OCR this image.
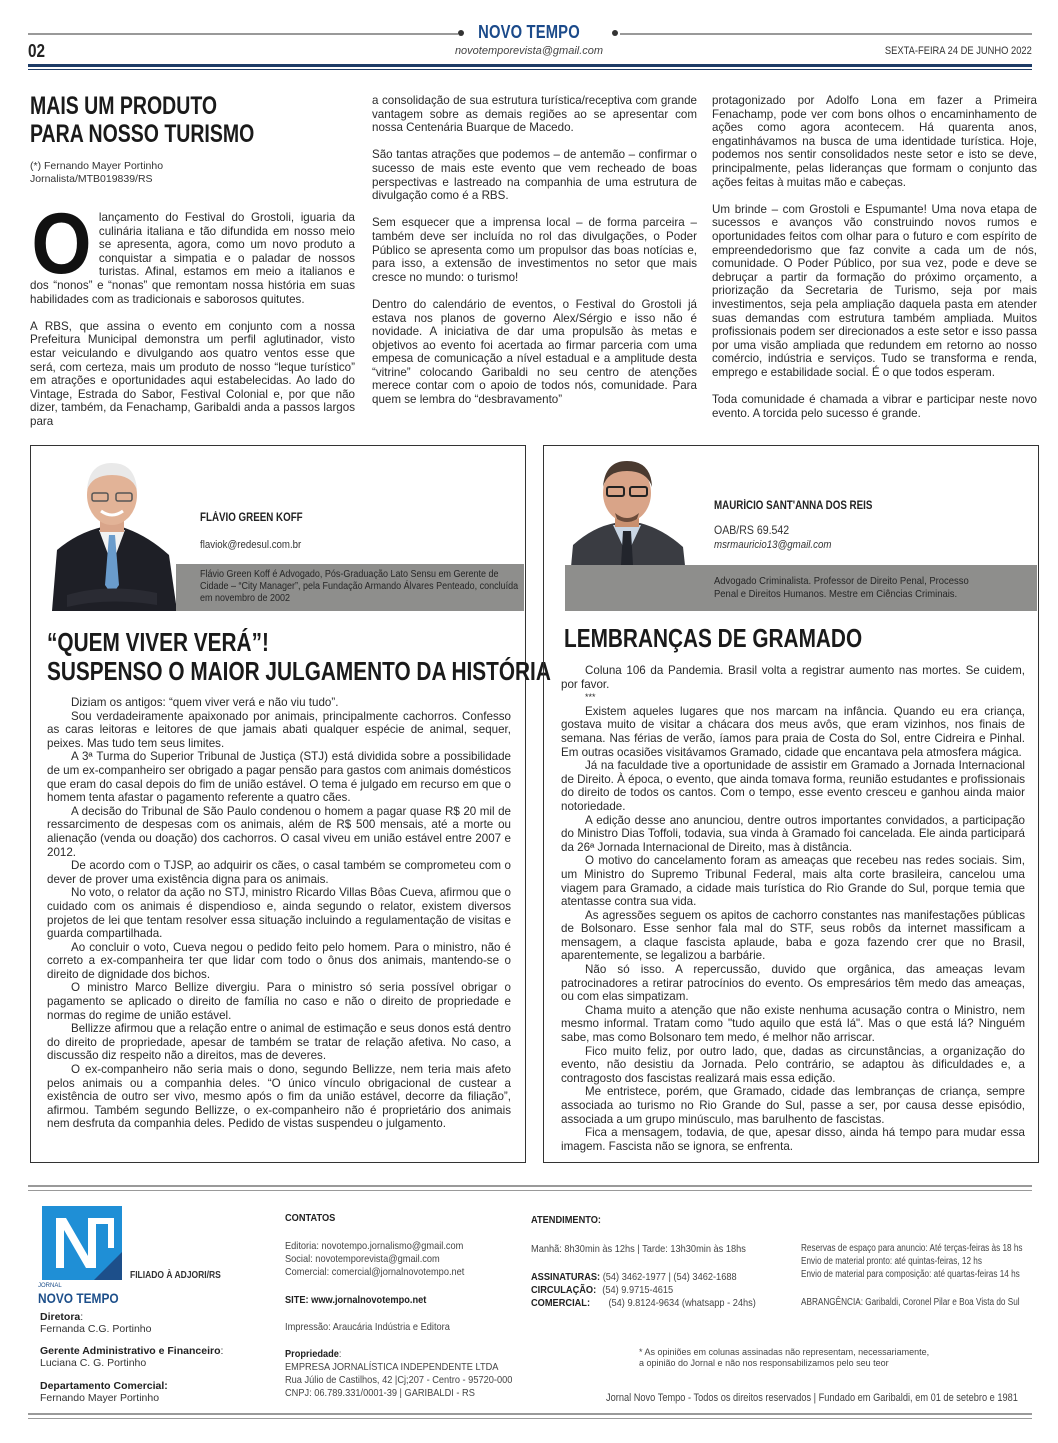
NOVO TEMPO
novotemporevista@gmail.com
02	SEXTA-FEIRA 24 DE JUNHO 2022
MAIS UM PRODUTO
PARA NOSSO TURISMO
(*) Fernando Mayer Portinho
Jornalista/MTB019839/RS

Olançamento do Festival do Grostoli, iguaria da culinária italiana e tão difundida em nosso meio se apresenta, agora, como um novo produto a conquistar a simpatia e o paladar de nossos turistas. Afinal, estamos em meio a italianos e dos “nonos” e “nonas” que remontam nossa história em suas habilidades com as tradicionais e saborosos quitutes.

A RBS, que assina o evento em conjunto com a nossa Prefeitura Municipal demonstra um perfil aglutinador, visto estar veiculando e divulgando aos quatro ventos esse que será, com certeza, mais um produto de nosso “leque turístico” em atrações e oportunidades aqui estabelecidas. Ao lado do Vintage, Estrada do Sabor, Festival Colonial e, por que não dizer, também, da Fenachamp, Garibaldi anda a passos largos para

a consolidação de sua estrutura turística/receptiva com grande vantagem sobre as demais regiões ao se apresentar com nossa Centenária Buarque de Macedo.

São tantas atrações que podemos – de antemão – confirmar o sucesso de mais este evento que vem recheado de boas perspectivas e lastreado na companhia de uma estrutura de divulgação como é a RBS.

Sem esquecer que a imprensa local – de forma parceira – também deve ser incluída no rol das divulgações, o Poder Público se apresenta como um propulsor das boas notícias e, para isso, a extensão de investimentos no setor que mais cresce no mundo: o turismo!

Dentro do calendário de eventos, o Festival do Grostoli já estava nos planos de governo Alex/Sérgio e isso não é novidade. A iniciativa de dar uma propulsão às metas e objetivos ao evento foi acertada ao firmar parceria com uma empesa de comunicação a nível estadual e a amplitude desta “vitrine” colocando Garibaldi no seu centro de atenções merece contar com o apoio de todos nós, comunidade. Para quem se lembra do “desbravamento”

protagonizado por Adolfo Lona em fazer a Primeira Fenachamp, pode ver com bons olhos o encaminhamento de ações como agora acontecem. Há quarenta anos, engatinhávamos na busca de uma identidade turística. Hoje, podemos nos sentir consolidados neste setor e isto se deve, principalmente, pelas lideranças que formam o conjunto das ações feitas à muitas mão e cabeças.

Um brinde – com Grostoli e Espumante! Uma nova etapa de sucessos e avanços vão construindo novos rumos e oportunidades feitos com olhar para o futuro e com espírito de empreendedorismo que faz convite a cada um de nós, comunidade. O Poder Público, por sua vez, pode e deve se debruçar a partir da formação do próximo orçamento, a priorização da Secretaria de Turismo, seja por mais investimentos, seja pela ampliação daquela pasta em atender suas demandas com estrutura também ampliada. Muitos profissionais podem ser direcionados a este setor e isso passa por uma visão ampliada que redundem em retorno ao nosso comércio, indústria e serviços. Tudo se transforma e renda, emprego e estabilidade social. É o que todos esperam.

Toda comunidade é chamada a vibrar e participar neste novo evento. A torcida pelo sucesso é grande.

FLÁVIO GREEN KOFF
flaviok@redesul.com.br
Flávio Green Koff é Advogado, Pós-Graduação Lato Sensu em Gerente de Cidade – “City Manager”, pela Fundação Armando Álvares Penteado, concluída em novembro de 2002
“QUEM VIVER VERÁ”!
SUSPENSO O MAIOR JULGAMENTO DA HISTÓRIA

Diziam os antigos: “quem viver verá e não viu tudo”.

Sou verdadeiramente apaixonado por animais, principalmente cachorros. Confesso as caras leitoras e leitores de que jamais abati qualquer espécie de animal, sequer, peixes. Mas tudo tem seus limites.

A 3ª Turma do Superior Tribunal de Justiça (STJ) está dividida sobre a possibilidade de um ex-companheiro ser obrigado a pagar pensão para gastos com animais domésticos que eram do casal depois do fim de união estável. O tema é julgado em recurso em que o homem tenta afastar o pagamento referente a quatro cães.

A decisão do Tribunal de São Paulo condenou o homem a pagar quase R$ 20 mil de ressarcimento de despesas com os animais, além de R$ 500 mensais, até a morte ou alienação (venda ou doação) dos cachorros. O casal viveu em união estável entre 2007 e 2012.

De acordo com o TJSP, ao adquirir os cães, o casal também se comprometeu com o dever de prover uma existência digna para os animais.

No voto, o relator da ação no STJ, ministro Ricardo Villas Bôas Cueva, afirmou que o cuidado com os animais é dispendioso e, ainda segundo o relator, existem diversos projetos de lei que tentam resolver essa situação incluindo a regulamentação de visitas e guarda compartilhada.

Ao concluir o voto, Cueva negou o pedido feito pelo homem. Para o ministro, não é correto a ex-companheira ter que lidar com todo o ônus dos animais, mantendo-se o direito de dignidade dos bichos.

O ministro Marco Bellize divergiu. Para o ministro só seria possível obrigar o pagamento se aplicado o direito de família no caso e não o direito de propriedade e normas do regime de união estável.

Bellizze afirmou que a relação entre o animal de estimação e seus donos está dentro do direito de propriedade, apesar de também se tratar de relação afetiva. No caso, a discussão diz respeito não a direitos, mas de deveres.

O ex-companheiro não seria mais o dono, segundo Bellizze, nem teria mais afeto pelos animais ou a companhia deles. “O único vínculo obrigacional de custear a existência de outro ser vivo, mesmo após o fim da união estável, decorre da filiação”, afirmou. Também segundo Bellizze, o ex-companheiro não é proprietário dos animais nem desfruta da companhia deles. Pedido de vistas suspendeu o julgamento.

MAURÍCIO SANT'ANNA DOS REIS
OAB/RS 69.542
msrmauricio13@gmail.com
Advogado Criminalista. Professor de Direito Penal, Processo Penal e Direitos Humanos. Mestre em Ciências Criminais.
LEMBRANÇAS DE GRAMADO

Coluna 106 da Pandemia. Brasil volta a registrar aumento nas mortes. Se cuidem, por favor.

***

Existem aqueles lugares que nos marcam na infância. Quando eu era criança, gostava muito de visitar a chácara dos meus avôs, que eram vizinhos, nos finais de semana. Nas férias de verão, íamos para praia de Costa do Sol, entre Cidreira e Pinhal. Em outras ocasiões visitávamos Gramado, cidade que encantava pela atmosfera mágica.

Já na faculdade tive a oportunidade de assistir em Gramado a Jornada Internacional de Direito. À época, o evento, que ainda tomava forma, reunião estudantes e profissionais do direito de todos os cantos. Com o tempo, esse evento cresceu e ganhou ainda maior notoriedade.

A edição desse ano anunciou, dentre outros importantes convidados, a participação do Ministro Dias Toffoli, todavia, sua vinda à Gramado foi cancelada. Ele ainda participará da 26ª Jornada Internacional de Direito, mas à distância.

O motivo do cancelamento foram as ameaças que recebeu nas redes sociais. Sim, um Ministro do Supremo Tribunal Federal, mais alta corte brasileira, cancelou uma viagem para Gramado, a cidade mais turística do Rio Grande do Sul, porque temia que atentasse contra sua vida.

As agressões seguem os apitos de cachorro constantes nas manifestações públicas de Bolsonaro. Esse senhor fala mal do STF, seus robôs da internet massificam a mensagem, a claque fascista aplaude, baba e goza fazendo crer que no Brasil, aparentemente, se legalizou a barbárie.

Não só isso. A repercussão, duvido que orgânica, das ameaças levam patrocinadores a retirar patrocínios do evento. Os empresários têm medo das ameaças, ou com elas simpatizam.

Chama muito a atenção que não existe nenhuma acusação contra o Ministro, nem mesmo informal. Tratam como "tudo aquilo que está lá". Mas o que está lá? Ninguém sabe, mas como Bolsonaro tem medo, é melhor não arriscar.

Fico muito feliz, por outro lado, que, dadas as circunstâncias, a organização do evento, não desistiu da Jornada. Pelo contrário, se adaptou às dificuldades e, a contragosto dos fascistas realizará mais essa edição.

Me entristece, porém, que Gramado, cidade das lembranças de criança, sempre associada ao turismo no Rio Grande do Sul, passe a ser, por causa desse episódio, associada a um grupo minúsculo, mas barulhento de fascistas.

Fica a mensagem, todavia, de que, apesar disso, ainda há tempo para mudar essa imagem. Fascista não se ignora, se enfrenta.

JORNAL
NOVO TEMPO
FILIADO À ADJORI/RS
Diretora:
Fernanda C.G. Portinho
Gerente Administrativo e Financeiro:
Luciana C. G. Portinho
Departamento Comercial:
Fernando Mayer Portinho
CONTATOS
Editoria: novotempo.jornalismo@gmail.com
Social: novotemporevista@gmail.com
Comercial: comercial@jornalnovotempo.net
SITE: www.jornalnovotempo.net
Impressão: Araucária Indústria e Editora
Propriedade:
EMPRESA JORNALÍSTICA INDEPENDENTE LTDA
Rua Júlio de Castilhos, 42 |Cj;207 - Centro - 95720-000
CNPJ: 06.789.331/0001-39 | GARIBALDI - RS
ATENDIMENTO:
Manhã: 8h30min às 12hs | Tarde: 13h30min às 18hs
ASSINATURAS: (54) 3462-1977 | (54) 3462-1688
CIRCULAÇÃO: (54) 9.9715-4615
COMERCIAL: (54) 9.8124-9634 (whatsapp - 24hs)
Reservas de espaço para anuncio: Até terças-feiras às 18 hs
Envio de material pronto: até quintas-feiras, 12 hs
Envio de material para composição: até quartas-feiras 14 hs
ABRANGÊNCIA: Garibaldi, Coronel Pilar e Boa Vista do Sul
* As opiniões em colunas assinadas não representam, necessariamente,
a opinião do Jornal e não nos responsabilizamos pelo seu teor
Jornal Novo Tempo - Todos os direitos reservados | Fundado em Garibaldi, em 01 de setebro e 1981
